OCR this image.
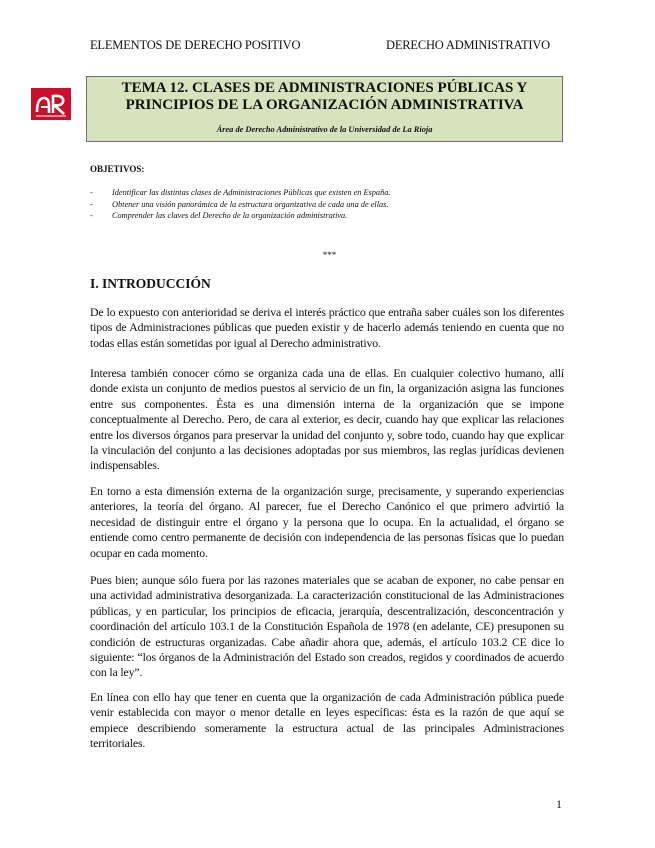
ELEMENTOS DE DERECHO POSITIVO	DERECHO ADMINISTRATIVO
TEMA 12. CLASES DE ADMINISTRACIONES PÚBLICAS Y
PRINCIPIOS DE LA ORGANIZACIÓN ADMINISTRATIVA
Área de Derecho Administrativo de la Universidad de La Rioja
OBJETIVOS:
- Identificar las distintas clases de Administraciones Públicas que existen en España.
- Obtener una visión panorámica de la estructura organizativa de cada una de ellas.
- Comprender las claves del Derecho de la organización administrativa.
***
I. INTRODUCCIÓN

De lo expuesto con anterioridad se deriva el interés práctico que entraña saber cuáles son los diferentes tipos de Administraciones públicas que pueden existir y de hacerlo además teniendo en cuenta que no todas ellas están sometidas por igual al Derecho administrativo.

Interesa también conocer cómo se organiza cada una de ellas. En cualquier colectivo humano, allí donde exista un conjunto de medios puestos al servicio de un fin, la organización asigna las funciones entre sus componentes. Ésta es una dimensión interna de la organización que se impone conceptualmente al Derecho. Pero, de cara al exterior, es decir, cuando hay que explicar las relaciones entre los diversos órganos para preservar la unidad del conjunto y, sobre todo, cuando hay que explicar la vinculación del conjunto a las decisiones adoptadas por sus miembros, las reglas jurídicas devienen indispensables.

En torno a esta dimensión externa de la organización surge, precisamente, y superando experiencias anteriores, la teoría del órgano. Al parecer, fue el Derecho Canónico el que primero advirtió la necesidad de distinguir entre el órgano y la persona que lo ocupa. En la actualidad, el órgano se entiende como centro permanente de decisión con independencia de las personas físicas que lo puedan ocupar en cada momento.

Pues bien; aunque sólo fuera por las razones materiales que se acaban de exponer, no cabe pensar en una actividad administrativa desorganizada. La caracterización constitucional de las Administraciones públicas, y en particular, los principios de eficacia, jerarquía, descentralización, desconcentración y coordinación del artículo 103.1 de la Constitución Española de 1978 (en adelante, CE) presuponen su condición de estructuras organizadas. Cabe añadir ahora que, además, el artículo 103.2 CE dice lo siguiente: “los órganos de la Administración del Estado son creados, regidos y coordinados de acuerdo con la ley”.

En línea con ello hay que tener en cuenta que la organización de cada Administración pública puede venir establecida con mayor o menor detalle en leyes específicas: ésta es la razón de que aquí se empiece describiendo someramente la estructura actual de las principales Administraciones territoriales.

1
